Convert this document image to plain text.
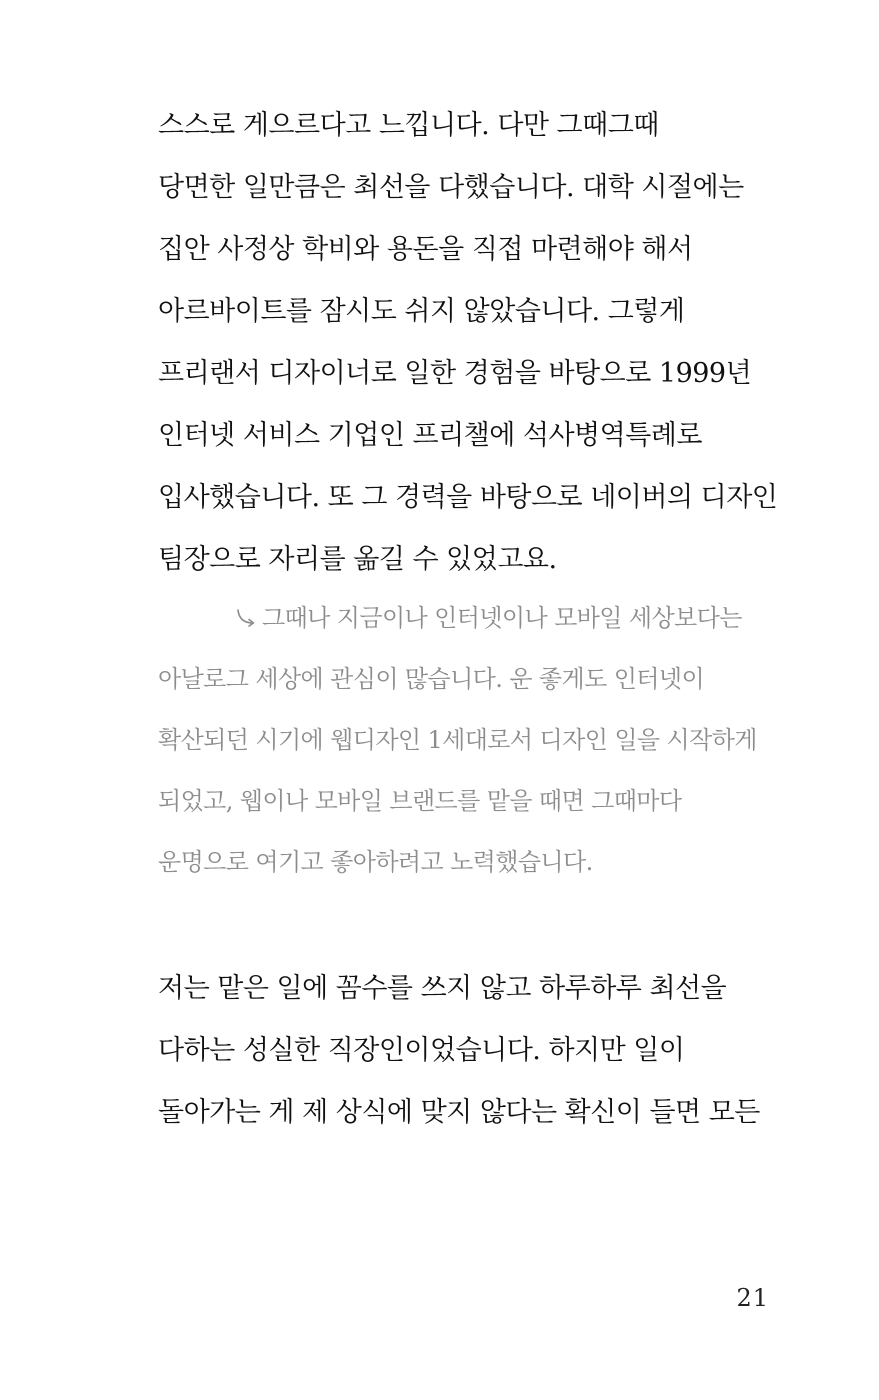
스스로 게으르다고 느낍니다. 다만 그때그때
당면한 일만큼은 최선을 다했습니다. 대학 시절에는
집안 사정상 학비와 용돈을 직접 마련해야 해서
아르바이트를 잠시도 쉬지 않았습니다. 그렇게
프리랜서 디자이너로 일한 경험을 바탕으로 1999년
인터넷 서비스 기업인 프리챌에 석사병역특례로
입사했습니다. 또 그 경력을 바탕으로 네이버의 디자인
팀장으로 자리를 옮길 수 있었고요.
그때나 지금이나 인터넷이나 모바일 세상보다는
아날로그 세상에 관심이 많습니다. 운 좋게도 인터넷이
확산되던 시기에 웹디자인 1세대로서 디자인 일을 시작하게
되었고, 웹이나 모바일 브랜드를 맡을 때면 그때마다
운명으로 여기고 좋아하려고 노력했습니다.
저는 맡은 일에 꼼수를 쓰지 않고 하루하루 최선을
다하는 성실한 직장인이었습니다. 하지만 일이
돌아가는 게 제 상식에 맞지 않다는 확신이 들면 모든
21
